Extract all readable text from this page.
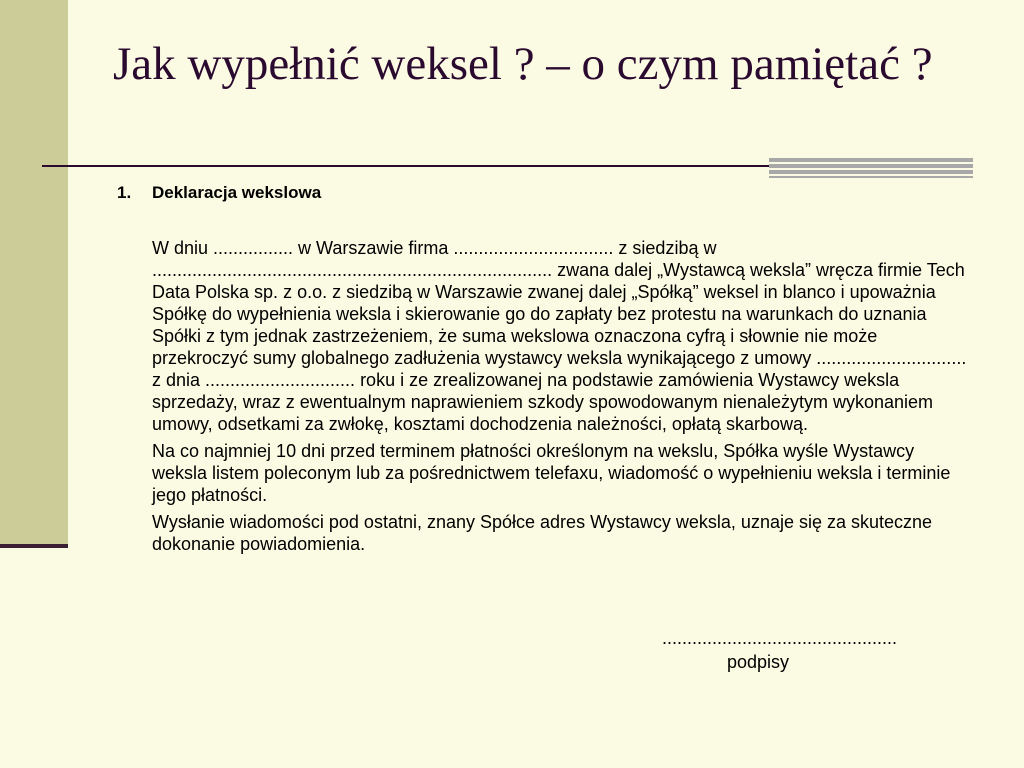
Jak wypełnić weksel ? – o czym pamiętać ?
1.	Deklaracja wekslowa

W dniu ................ w Warszawie firma ................................ z siedzibą w ................................................................................ zwana dalej „Wystawcą weksla” wręcza firmie Tech Data Polska sp. z o.o. z siedzibą w Warszawie zwanej dalej „Spółką” weksel in blanco i upoważnia Spółkę do wypełnienia weksla i skierowanie go do zapłaty bez protestu na warunkach do uznania Spółki z tym jednak zastrzeżeniem, że suma wekslowa oznaczona cyfrą i słownie nie może przekroczyć sumy globalnego zadłużenia wystawcy weksla wynikającego z umowy .............................. z dnia .............................. roku i ze zrealizowanej na podstawie zamówienia Wystawcy weksla sprzedaży, wraz z ewentualnym naprawieniem szkody spowodowanym nienależytym wykonaniem umowy, odsetkami za zwłokę, kosztami dochodzenia należności, opłatą skarbową.

Na co najmniej 10 dni przed terminem płatności określonym na wekslu, Spółka wyśle Wystawcy weksla listem poleconym lub za pośrednictwem telefaxu, wiadomość o wypełnieniu weksla i terminie jego płatności.

Wysłanie wiadomości pod ostatni, znany Spółce adres Wystawcy weksla, uznaje się za skuteczne dokonanie powiadomienia.

...............................................
podpisy
